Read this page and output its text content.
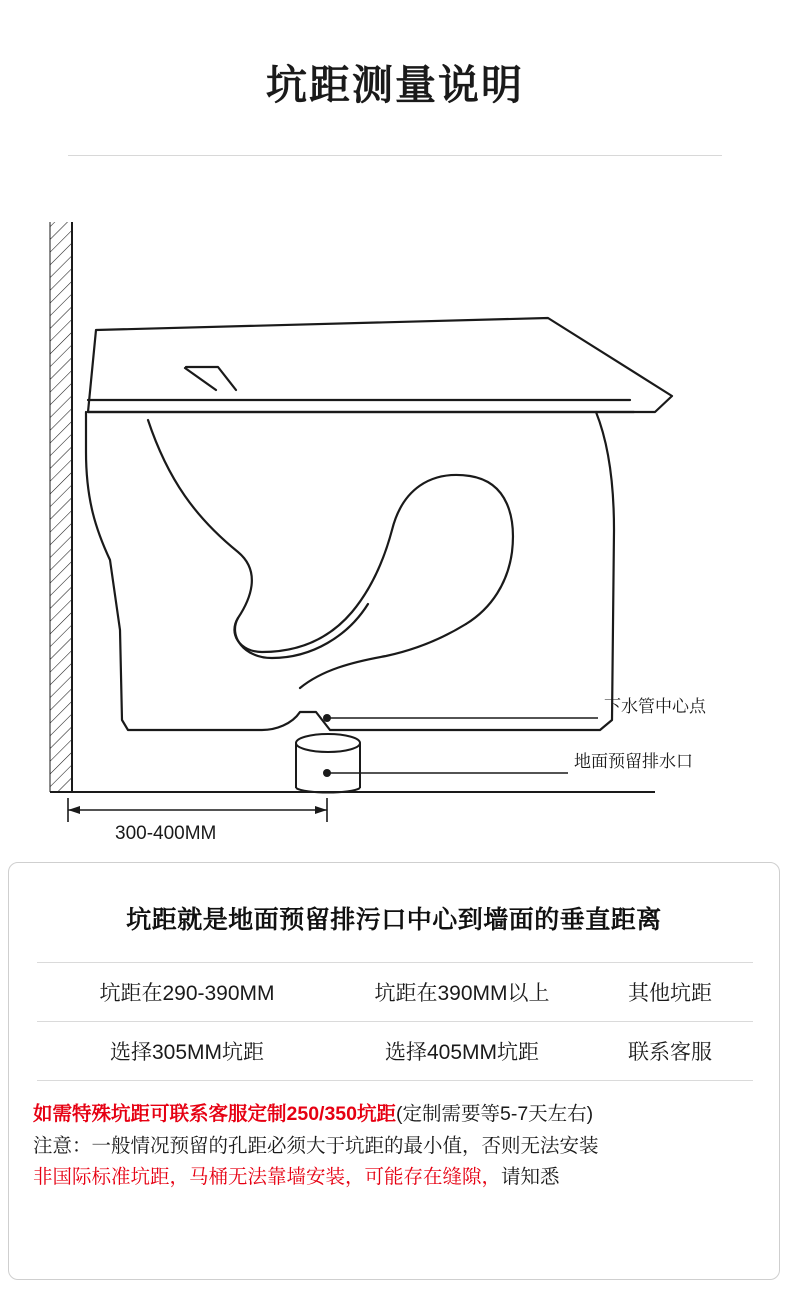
坑距测量说明
下水管中心点
地面预留排水口
300-400MM
坑距就是地面预留排污口中心到墙面的垂直距离
坑距在290-390MM	坑距在390MM以上	其他坑距
选择305MM坑距	选择405MM坑距	联系客服
如需特殊坑距可联系客服定制250/350坑距(定制需要等5-7天左右)
注意：一般情况预留的孔距必须大于坑距的最小值，否则无法安装
非国际标准坑距，马桶无法靠墙安装，可能存在缝隙，请知悉
